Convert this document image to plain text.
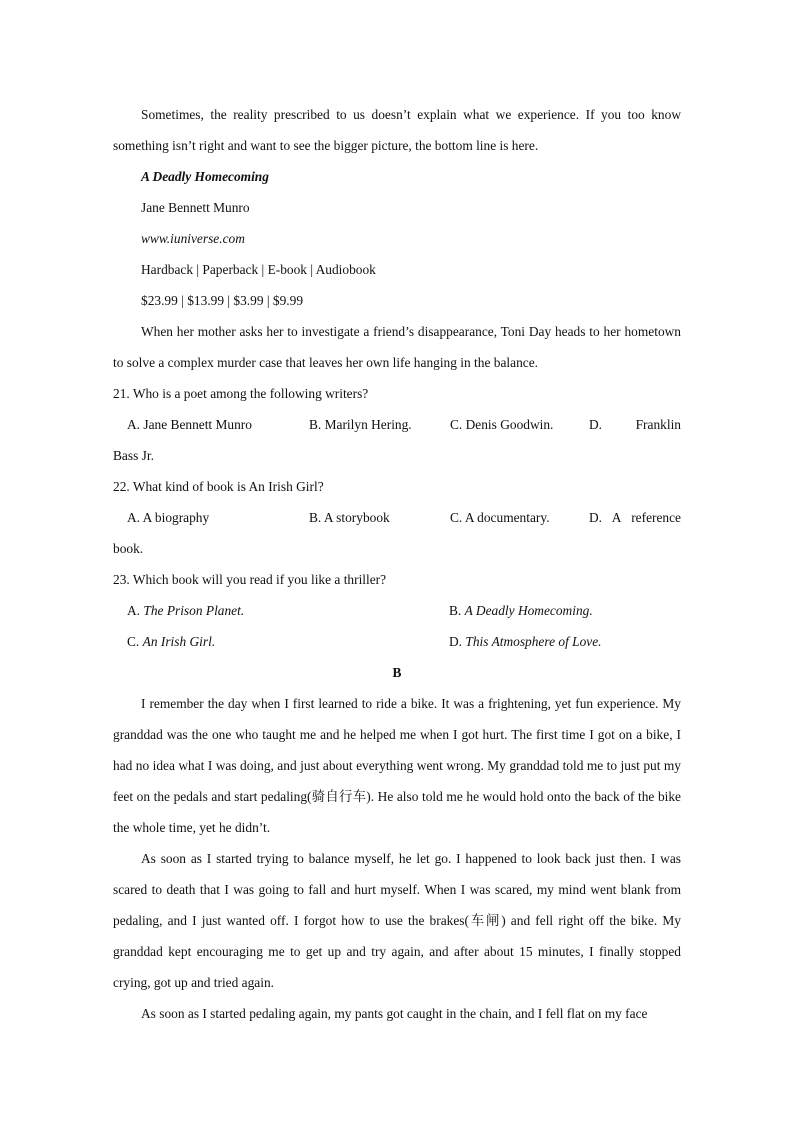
Sometimes, the reality prescribed to us doesn’t explain what we experience. If you too know something isn’t right and want to see the bigger picture, the bottom line is here.

A Deadly Homecoming

Jane Bennett Munro

www.iuniverse.com

Hardback | Paperback | E-book | Audiobook

$23.99 | $13.99 | $3.99 | $9.99

When her mother asks her to investigate a friend’s disappearance, Toni Day heads to her hometown to solve a complex murder case that leaves her own life hanging in the balance.

21. Who is a poet among the following writers?

A. Jane Bennett Munro	B. Marilyn Hering.	C. Denis Goodwin.	D.	Franklin

Bass Jr.

22. What kind of book is An Irish Girl?

A. A biography	B. A storybook	C. A documentary.	D. A reference

book.

23. Which book will you read if you like a thriller?

A. The Prison Planet.	B. A Deadly Homecoming.
C. An Irish Girl.	D. This Atmosphere of Love.

B

I remember the day when I first learned to ride a bike. It was a frightening, yet fun experience. My granddad was the one who taught me and he helped me when I got hurt. The first time I got on a bike, I had no idea what I was doing, and just about everything went wrong. My granddad told me to just put my feet on the pedals and start pedaling(骑自行车). He also told me he would hold onto the back of the bike the whole time, yet he didn’t.

As soon as I started trying to balance myself, he let go. I happened to look back just then. I was scared to death that I was going to fall and hurt myself. When I was scared, my mind went blank from pedaling, and I just wanted off. I forgot how to use the brakes(车闸) and fell right off the bike. My granddad kept encouraging me to get up and try again, and after about 15 minutes, I finally stopped crying, got up and tried again.

As soon as I started pedaling again, my pants got caught in the chain, and I fell flat on my face
